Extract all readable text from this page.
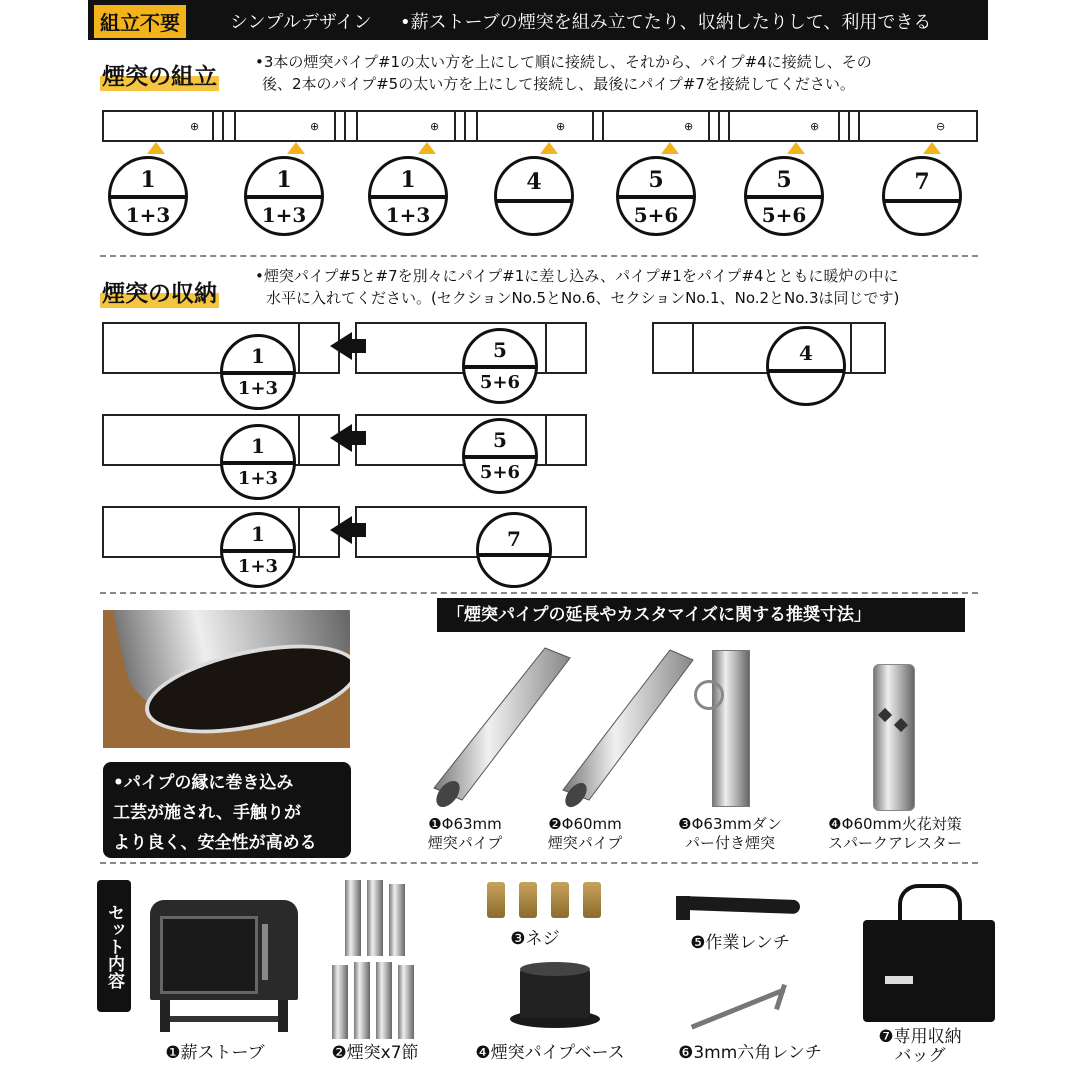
組立不要	シンプルデザイン •薪ストーブの煙突を組み立てたり、収納したりして、利用できる
煙突の組立
•3本の煙突パイプ#1の太い方を上にして順に接続し、それから、パイプ#4に接続し、その
後、2本のパイプ#5の太い方を上にして接続し、最後にパイプ#7を接続してください。
⊕	⊕	⊕	⊕	⊕	⊕	⊖
1
1+3
1
1+3
1
1+3
4	5
5+6
5
5+6
7
煙突の収納
•煙突パイプ#5と#7を別々にパイプ#1に差し込み、パイプ#1をパイプ#4とともに暖炉の中に
水平に入れてください。(セクションNo.5とNo.6、セクションNo.1、No.2とNo.3は同じです)
1
1+3
5
5+6
4
1
1+3
5
5+6
1
1+3
7
•パイプの縁に巻き込み
工芸が施され、手触りが
より良く、安全性が高める
「煙突パイプの延長やカスタマイズに関する推奨寸法」
❶Φ63mm
煙突パイプ
❷Φ60mm
煙突パイプ
❸Φ63mmダン
パー付き煙突
❹Φ60mm火花対策
スパークアレスター
セット内容
❶薪ストーブ	❷煙突x7節
❸ネジ
❹煙突パイプベース
❺作業レンチ
❻3mm六角レンチ
❼専用収納
バッグ
